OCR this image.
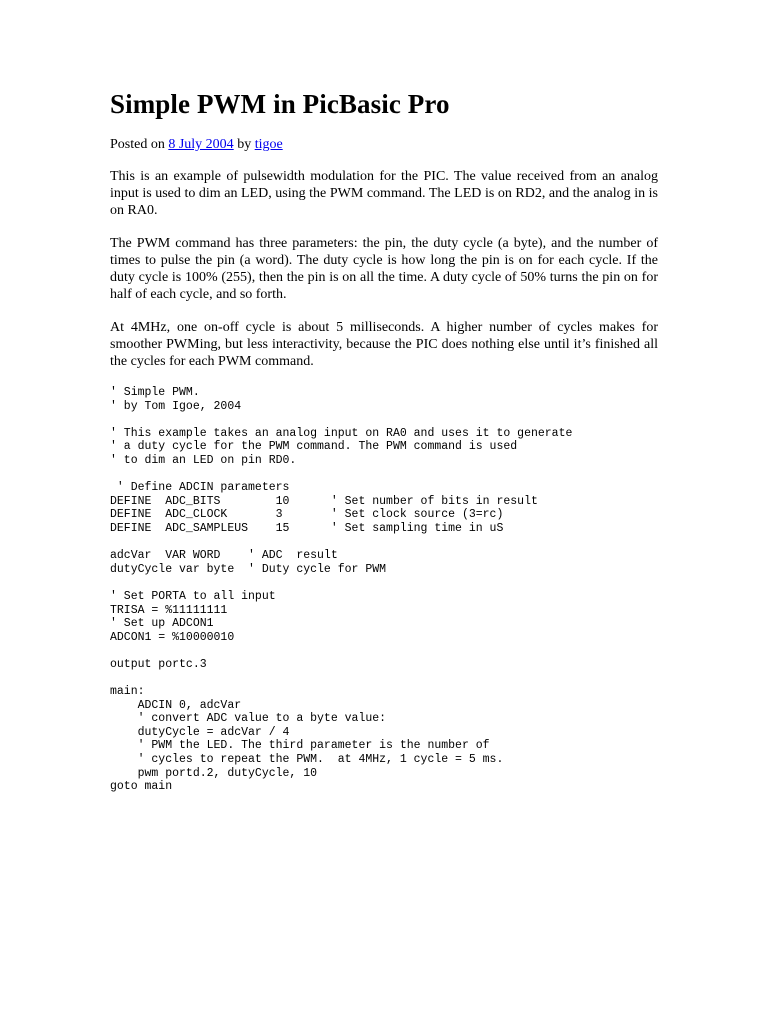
Simple PWM in PicBasic Pro
Posted on 8 July 2004 by tigoe

This is an example of pulsewidth modulation for the PIC. The value received from an analog input is used to dim an LED, using the PWM command. The LED is on RD2, and the analog in is on RA0.

The PWM command has three parameters: the pin, the duty cycle (a byte), and the number of times to pulse the pin (a word). The duty cycle is how long the pin is on for each cycle. If the duty cycle is 100% (255), then the pin is on all the time. A duty cycle of 50% turns the pin on for half of each cycle, and so forth.

At 4MHz, one on-off cycle is about 5 milliseconds. A higher number of cycles makes for smoother PWMing, but less interactivity, because the PIC does nothing else until it’s finished all the cycles for each PWM command.

' Simple PWM.
' by Tom Igoe, 2004

' This example takes an analog input on RA0 and uses it to generate
' a duty cycle for the PWM command. The PWM command is used
' to dim an LED on pin RD0.

' Define ADCIN parameters
DEFINE  ADC_BITS        10      ' Set number of bits in result
DEFINE  ADC_CLOCK       3       ' Set clock source (3=rc)
DEFINE  ADC_SAMPLEUS    15      ' Set sampling time in uS

adcVar  VAR WORD    ' ADC  result
dutyCycle var byte  ' Duty cycle for PWM

' Set PORTA to all input
TRISA = %11111111
' Set up ADCON1
ADCON1 = %10000010

output portc.3

main:
ADCIN 0, adcVar
' convert ADC value to a byte value:
dutyCycle = adcVar / 4
' PWM the LED. The third parameter is the number of
' cycles to repeat the PWM.  at 4MHz, 1 cycle = 5 ms.
pwm portd.2, dutyCycle, 10
goto main
